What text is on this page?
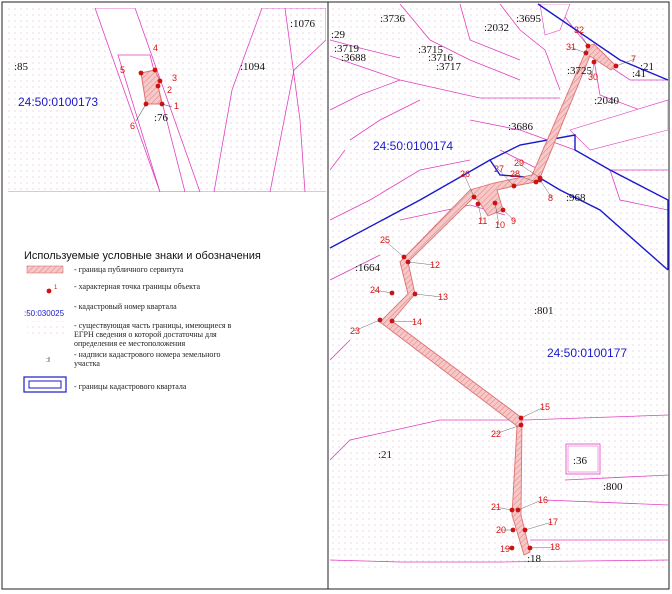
:85	:1094
:1076
:76
24:50:0100173	1
2
3
4
5
6
Используемые условные знаки и обозначения
- граница публичного сервитута
1 - характерная точка границы объекта
:50:030025
- кадастровый номер квартала
- существующая часть границы, имеющиеся в ЕГРН сведения о которой достаточны для определения ее местоположения
:I
- надписи кадастрового номера земельного участка
- границы кадастрового квартала
:3736	:3695
:2032
:29
:3719
:3688
:3715
:3716
:3717	:3725	:21
:41
:2040
:3686
:968
:1664
:801
:21	:36
:800
:18
24:50:0100174
24:50:0100177
32
31
7
30
29
28
27
26
8
9
10
11
25
12
24
13
23
14
15
22
16
21
17
20
18
19
